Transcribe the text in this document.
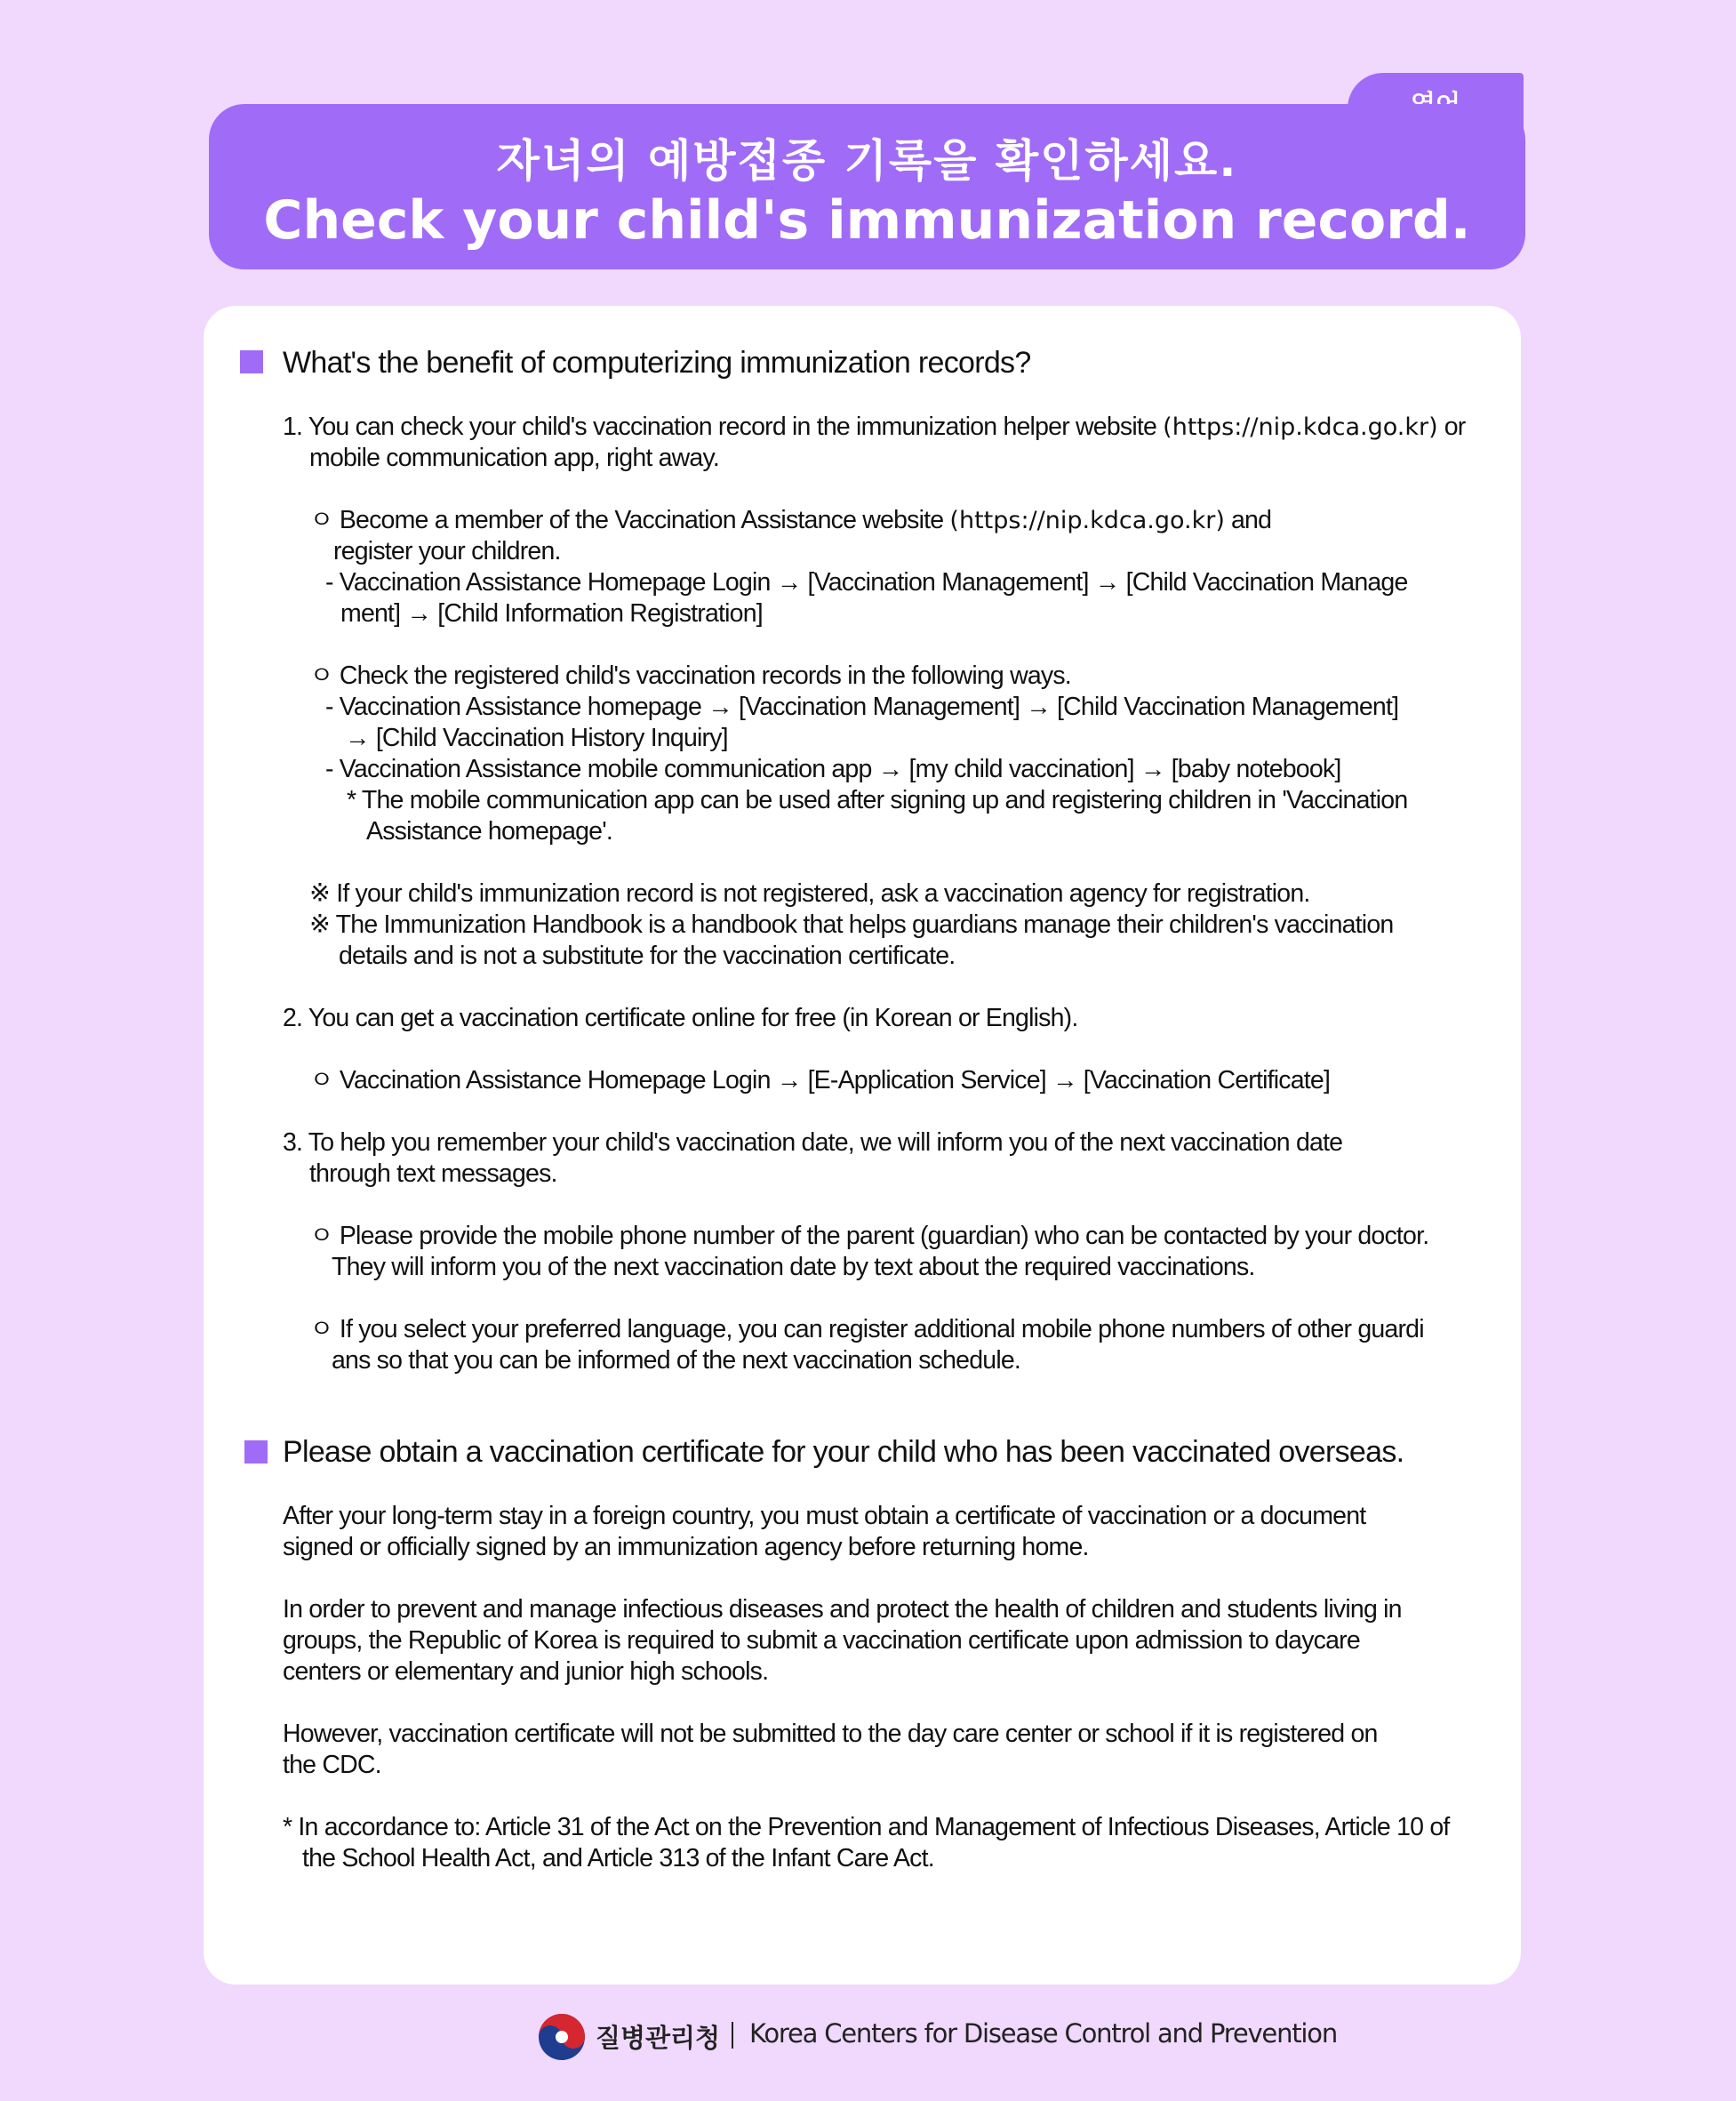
자녀의 예방접종 기록을 확인하세요.
Check your child's immunization record.
What's the benefit of computerizing immunization records?
1. You can check your child's vaccination record in the immunization helper website (https://nip.kdca.go.kr) or
mobile communication app, right away.
ㅇ Become a member of the Vaccination Assistance website (https://nip.kdca.go.kr) and
register your children.
- Vaccination Assistance Homepage Login → [Vaccination Management] → [Child Vaccination Manage
ment] → [Child Information Registration]
ㅇ Check the registered child's vaccination records in the following ways.
- Vaccination Assistance homepage → [Vaccination Management] → [Child Vaccination Management]
→ [Child Vaccination History Inquiry]
- Vaccination Assistance mobile communication app → [my child vaccination] → [baby notebook]
* The mobile communication app can be used after signing up and registering children in 'Vaccination
Assistance homepage'.
※ If your child's immunization record is not registered, ask a vaccination agency for registration.
※ The Immunization Handbook is a handbook that helps guardians manage their children's vaccination
details and is not a substitute for the vaccination certificate.
2. You can get a vaccination certificate online for free (in Korean or English).
ㅇ Vaccination Assistance Homepage Login → [E-Application Service] → [Vaccination Certificate]
3. To help you remember your child's vaccination date, we will inform you of the next vaccination date
through text messages.
ㅇ Please provide the mobile phone number of the parent (guardian) who can be contacted by your doctor.
They will inform you of the next vaccination date by text about the required vaccinations.
ㅇ If you select your preferred language, you can register additional mobile phone numbers of other guardi
ans so that you can be informed of the next vaccination schedule.
Please obtain a vaccination certificate for your child who has been vaccinated overseas.
After your long-term stay in a foreign country, you must obtain a certificate of vaccination or a document
signed or officially signed by an immunization agency before returning home.
In order to prevent and manage infectious diseases and protect the health of children and students living in
groups, the Republic of Korea is required to submit a vaccination certificate upon admission to daycare
centers or elementary and junior high schools.
However, vaccination certificate will not be submitted to the day care center or school if it is registered on
the CDC.
* In accordance to: Article 31 of the Act on the Prevention and Management of Infectious Diseases, Article 10 of
the School Health Act, and Article 313 of the Infant Care Act.
질병관리청 Korea Centers for Disease Control and Prevention
